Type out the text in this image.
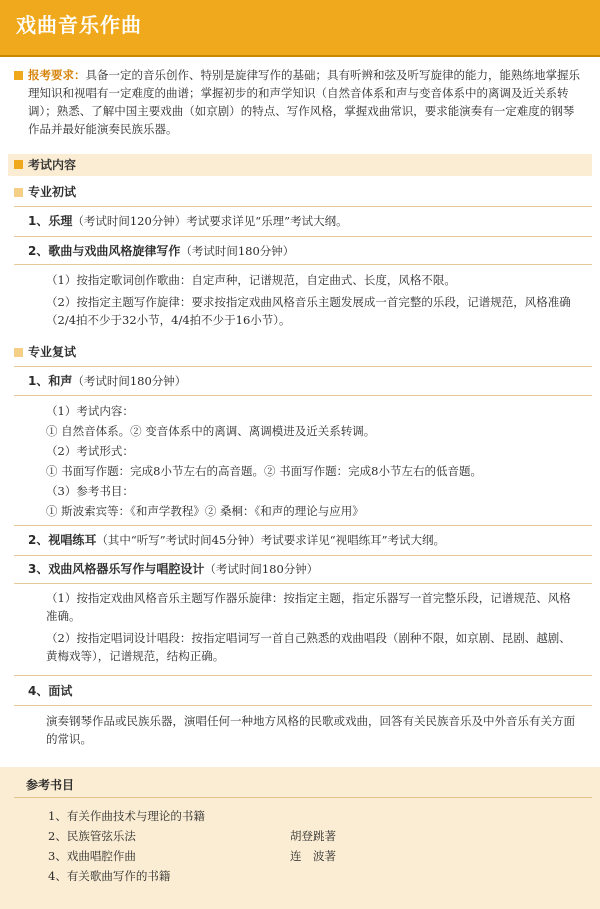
戏曲音乐作曲
报考要求：具备一定的音乐创作、特别是旋律写作的基础；具有听辨和弦及听写旋律的能力，能熟练地掌握乐理知识和视唱有一定难度的曲谱；掌握初步的和声学知识（自然音体系和声与变音体系中的离调及近关系转调）；熟悉、了解中国主要戏曲（如京剧）的特点、写作风格，掌握戏曲常识，要求能演奏有一定难度的钢琴作品并最好能演奏民族乐器。
考试内容
专业初试
1、乐理（考试时间120分钟）考试要求详见“乐理”考试大纲。
2、歌曲与戏曲风格旋律写作（考试时间180分钟）
（1）按指定歌词创作歌曲：自定声种，记谱规范，自定曲式、长度，风格不限。
（2）按指定主题写作旋律：要求按指定戏曲风格音乐主题发展成一首完整的乐段，记谱规范，风格准确（2/4拍不少于32小节，4/4拍不少于16小节）。
专业复试
1、和声（考试时间180分钟）
（1）考试内容：
① 自然音体系。② 变音体系中的离调、离调模进及近关系转调。
（2）考试形式：
① 书面写作题：完成8小节左右的高音题。② 书面写作题：完成8小节左右的低音题。
（3）参考书目：
① 斯波索宾等：《和声学教程》② 桑桐：《和声的理论与应用》
2、视唱练耳（其中“听写”考试时间45分钟）考试要求详见“视唱练耳”考试大纲。
3、戏曲风格器乐写作与唱腔设计（考试时间180分钟）
（1）按指定戏曲风格音乐主题写作器乐旋律：按指定主题，指定乐器写一首完整乐段，记谱规范、风格准确。
（2）按指定唱词设计唱段：按指定唱词写一首自己熟悉的戏曲唱段（剧种不限，如京剧、昆剧、越剧、黄梅戏等），记谱规范，结构正确。
4、面试
演奏钢琴作品或民族乐器，演唱任何一种地方风格的民歌或戏曲，回答有关民族音乐及中外音乐有关方面的常识。
参考书目
1、有关作曲技术与理论的书籍
2、民族管弦乐法	胡登跳著
3、戏曲唱腔作曲	连　波著
4、有关歌曲写作的书籍
